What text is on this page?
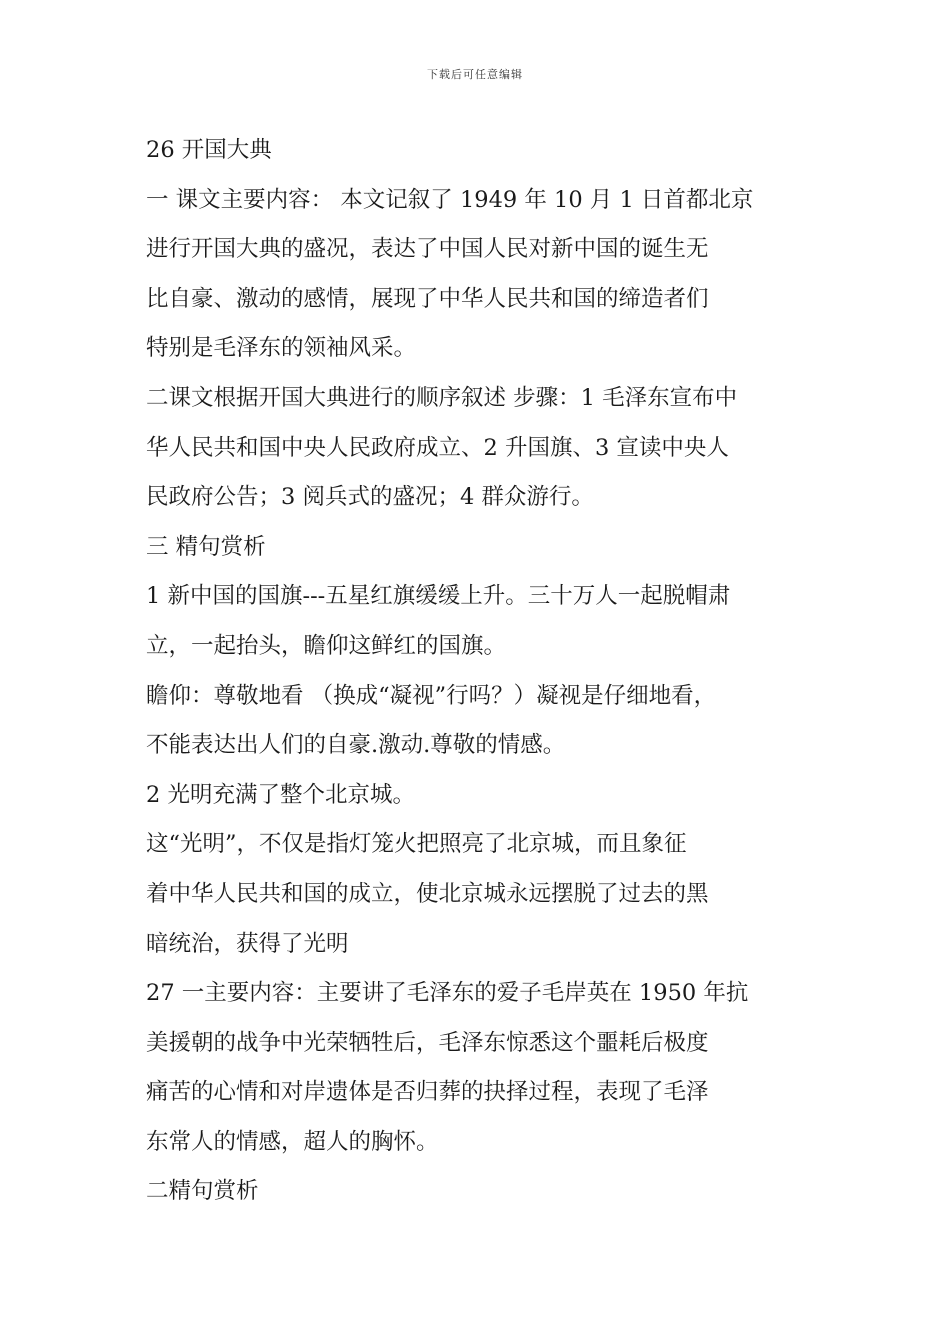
下载后可任意编辑
26 开国大典
一 课文主要内容： 本文记叙了 1949 年 10 月 1 日首都北京
进行开国大典的盛况，表达了中国人民对新中国的诞生无
比自豪、激动的感情，展现了中华人民共和国的缔造者们
特别是毛泽东的领袖风采。
二课文根据开国大典进行的顺序叙述 步骤：1 毛泽东宣布中
华人民共和国中央人民政府成立、2 升国旗、3 宣读中央人
民政府公告；3 阅兵式的盛况；4 群众游行。
三 精句赏析
1 新中国的国旗---五星红旗缓缓上升。三十万人一起脱帽肃
立，一起抬头，瞻仰这鲜红的国旗。
瞻仰：尊敬地看 （换成“凝视”行吗？）凝视是仔细地看，
不能表达出人们的自豪.激动.尊敬的情感。
2 光明充满了整个北京城。
这“光明”，不仅是指灯笼火把照亮了北京城，而且象征
着中华人民共和国的成立，使北京城永远摆脱了过去的黑
暗统治，获得了光明
27 一主要内容：主要讲了毛泽东的爱子毛岸英在 1950 年抗
美援朝的战争中光荣牺牲后，毛泽东惊悉这个噩耗后极度
痛苦的心情和对岸遗体是否归葬的抉择过程，表现了毛泽
东常人的情感，超人的胸怀。
二精句赏析
